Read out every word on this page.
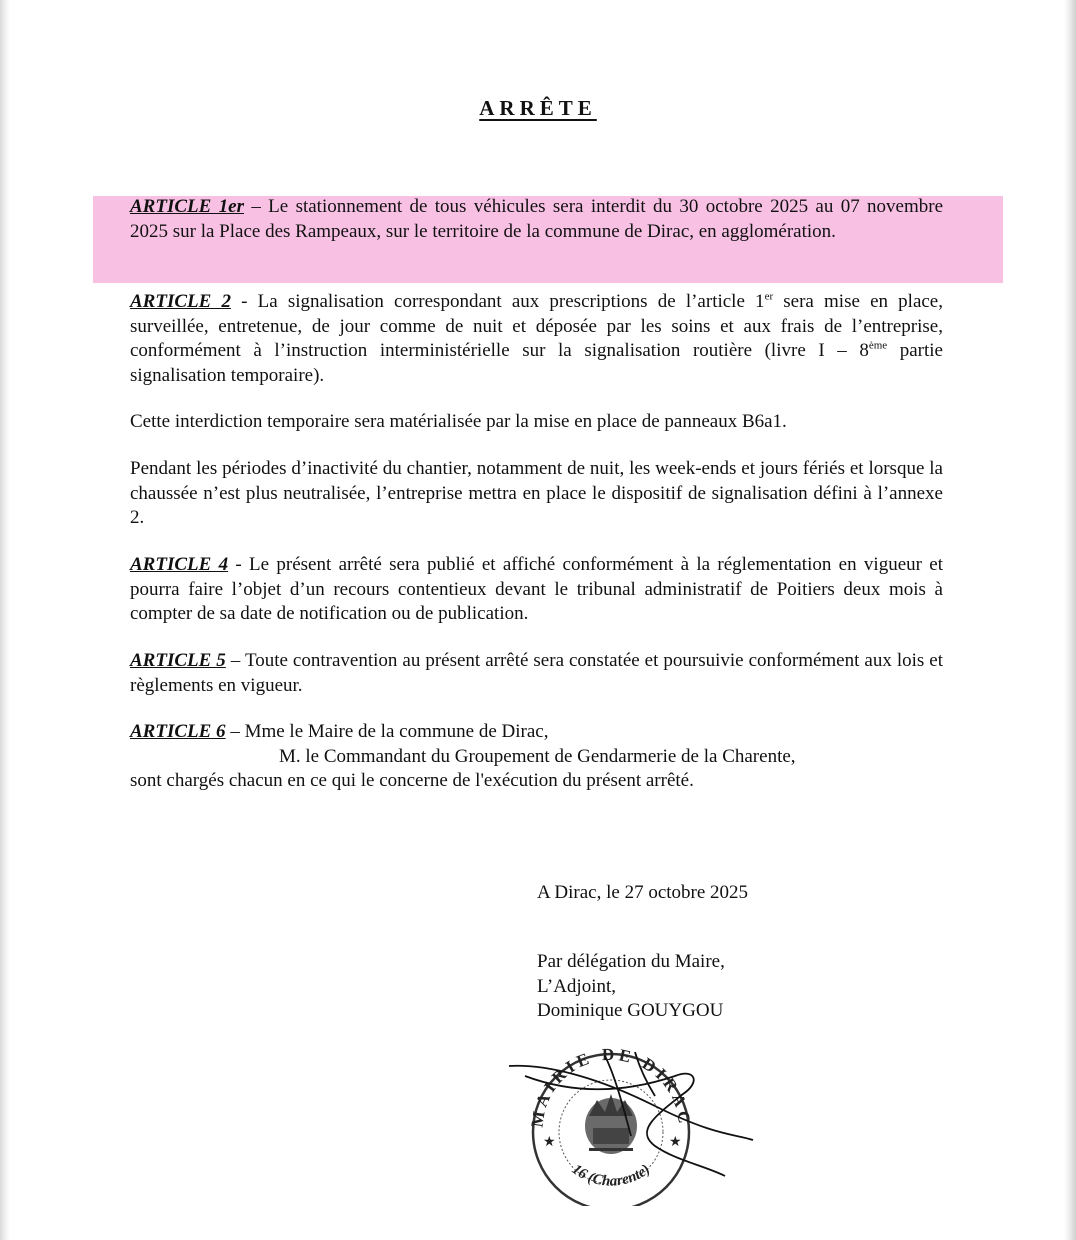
ARRÊTE

ARTICLE 1er – Le stationnement de tous véhicules sera interdit du 30 octobre 2025 au 07 novembre 2025 sur la Place des Rampeaux, sur le territoire de la commune de Dirac, en agglomération.

ARTICLE 2 - La signalisation correspondant aux prescriptions de l’article 1er sera mise en place, surveillée, entretenue, de jour comme de nuit et déposée par les soins et aux frais de l’entreprise, conformément à l’instruction interministérielle sur la signalisation routière (livre I – 8ème partie signalisation temporaire).

Cette interdiction temporaire sera matérialisée par la mise en place de panneaux B6a1.

Pendant les périodes d’inactivité du chantier, notamment de nuit, les week-ends et jours fériés et lorsque la chaussée n’est plus neutralisée, l’entreprise mettra en place le dispositif de signalisation défini à l’annexe 2.

ARTICLE 4 - Le présent arrêté sera publié et affiché conformément à la réglementation en vigueur et pourra faire l’objet d’un recours contentieux devant le tribunal administratif de Poitiers deux mois à compter de sa date de notification ou de publication.

ARTICLE 5 – Toute contravention au présent arrêté sera constatée et poursuivie conformément aux lois et règlements en vigueur.

ARTICLE 6 – Mme le Maire de la commune de Dirac,
M. le Commandant du Groupement de Gendarmerie de la Charente,
sont chargés chacun en ce qui le concerne de l'exécution du présent arrêté.

A Dirac, le 27 octobre 2025
Par délégation du Maire,
L’Adjoint,
Dominique GOUYGOU
MAIRIE DE DIRAC
16 (Charente)
★	★
